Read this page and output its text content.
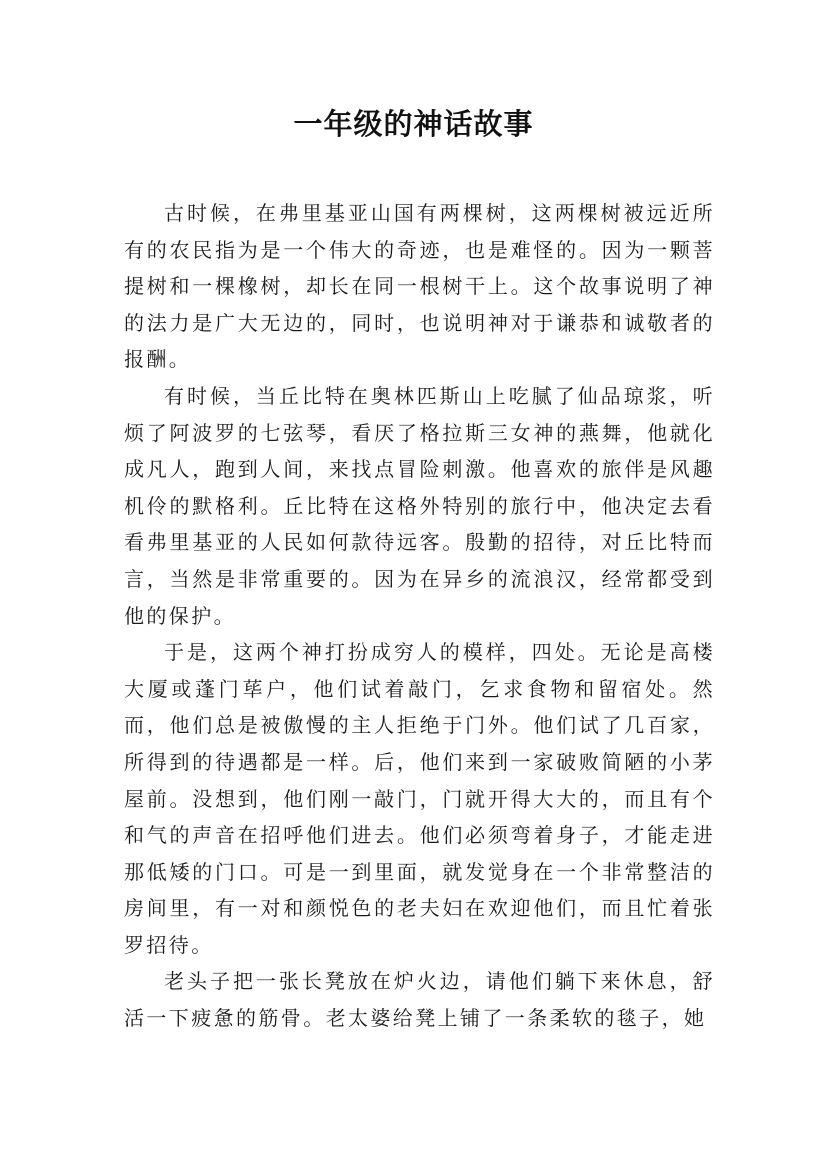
一年级的神话故事

古时候，在弗里基亚山国有两棵树，这两棵树被远近所有的农民指为是一个伟大的奇迹，也是难怪的。因为一颗菩提树和一棵橡树，却长在同一根树干上。这个故事说明了神的法力是广大无边的，同时，也说明神对于谦恭和诚敬者的报酬。

有时候，当丘比特在奥林匹斯山上吃腻了仙品琼浆，听烦了阿波罗的七弦琴，看厌了格拉斯三女神的燕舞，他就化成凡人，跑到人间，来找点冒险刺激。他喜欢的旅伴是风趣机伶的默格利。丘比特在这格外特别的旅行中，他决定去看看弗里基亚的人民如何款待远客。殷勤的招待，对丘比特而言，当然是非常重要的。因为在异乡的流浪汉，经常都受到他的保护。

于是，这两个神打扮成穷人的模样，四处。无论是高楼大厦或蓬门荜户，他们试着敲门，乞求食物和留宿处。然而，他们总是被傲慢的主人拒绝于门外。他们试了几百家，所得到的待遇都是一样。后，他们来到一家破败简陋的小茅屋前。没想到，他们刚一敲门，门就开得大大的，而且有个和气的声音在招呼他们进去。他们必须弯着身子，才能走进那低矮的门口。可是一到里面，就发觉身在一个非常整洁的房间里，有一对和颜悦色的老夫妇在欢迎他们，而且忙着张罗招待。

老头子把一张长凳放在炉火边，请他们躺下来休息，舒活一下疲惫的筋骨。老太婆给凳上铺了一条柔软的毯子，她
